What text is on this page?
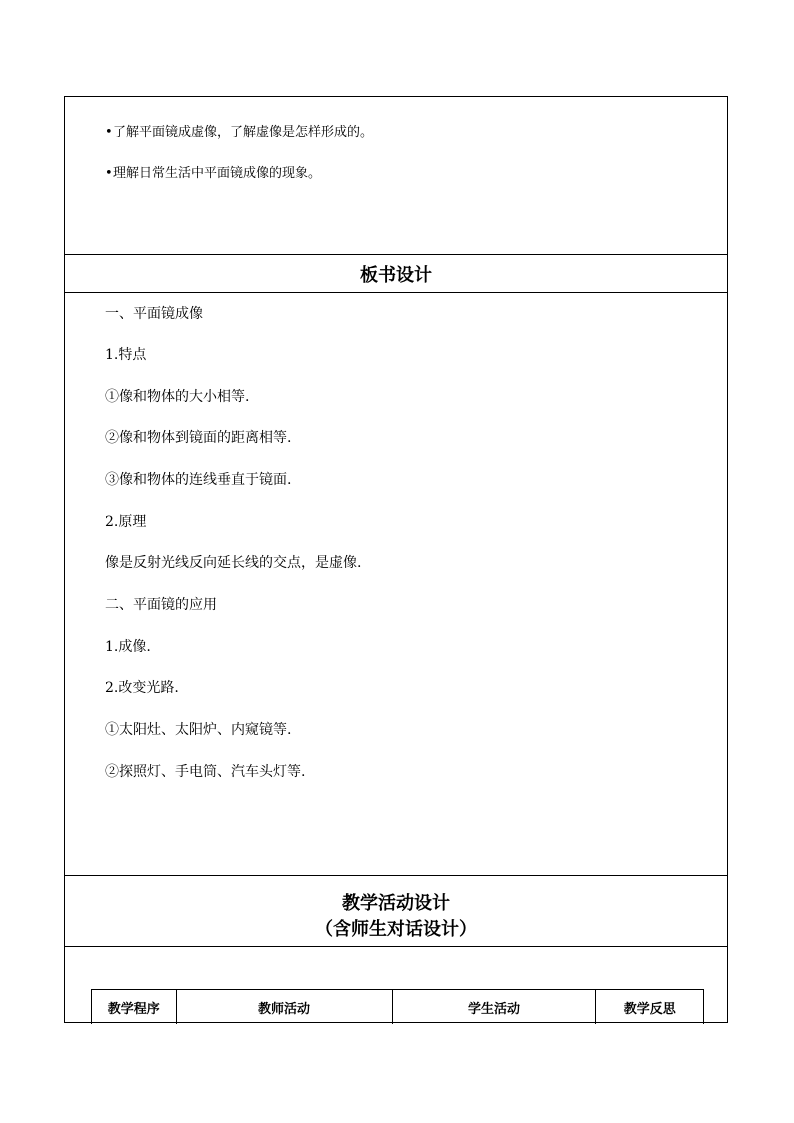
•了解平面镜成虚像，了解虚像是怎样形成的。
•理解日常生活中平面镜成像的现象。
板书设计
一、平面镜成像
1.特点
①像和物体的大小相等.
②像和物体到镜面的距离相等.
③像和物体的连线垂直于镜面.
2.原理
像是反射光线反向延长线的交点，是虚像.
二、平面镜的应用
1.成像.
2.改变光路.
①太阳灶、太阳炉、内窥镜等.
②探照灯、手电筒、汽车头灯等.
教学活动设计
（含师生对话设计）
教学程序	教师活动	学生活动	教学反思
